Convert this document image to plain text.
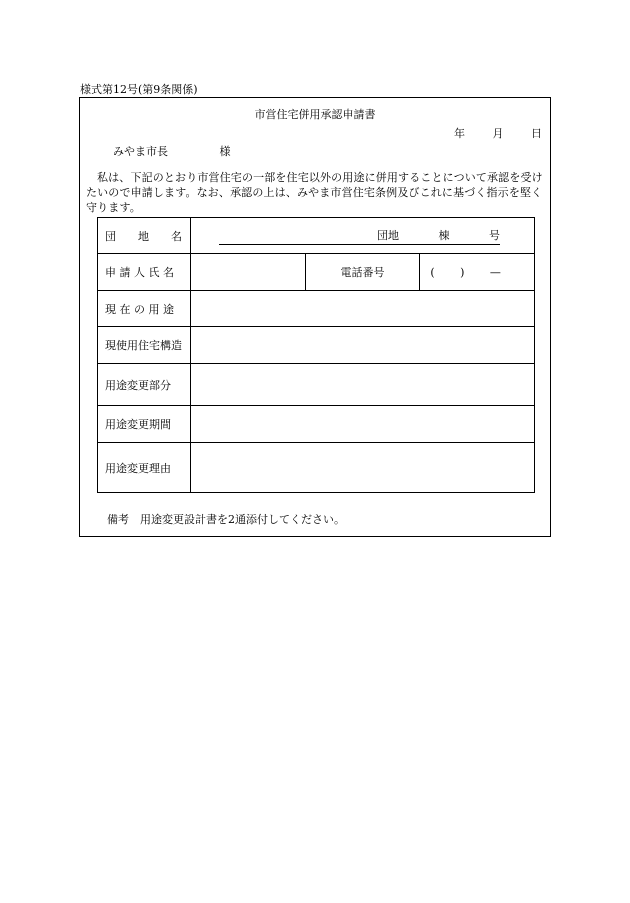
様式第12号(第9条関係)
市営住宅併用承認申請書
年	月	日
みやま市長	様
私は、下記のとおり市営住宅の一部を住宅以外の用途に併用することについて承認を受けたいので申請します。なお、承認の上は、みやま市営住宅条例及びこれに基づく指示を堅く守ります。
団　　地　　名	団地 棟 号		

申 請 人 氏 名		電話番号	( ) —
現 在 の 用 途			
現使用住宅構造			
用途変更部分			
用途変更期間			
用途変更理由			
備考　用途変更設計書を2通添付してください。
